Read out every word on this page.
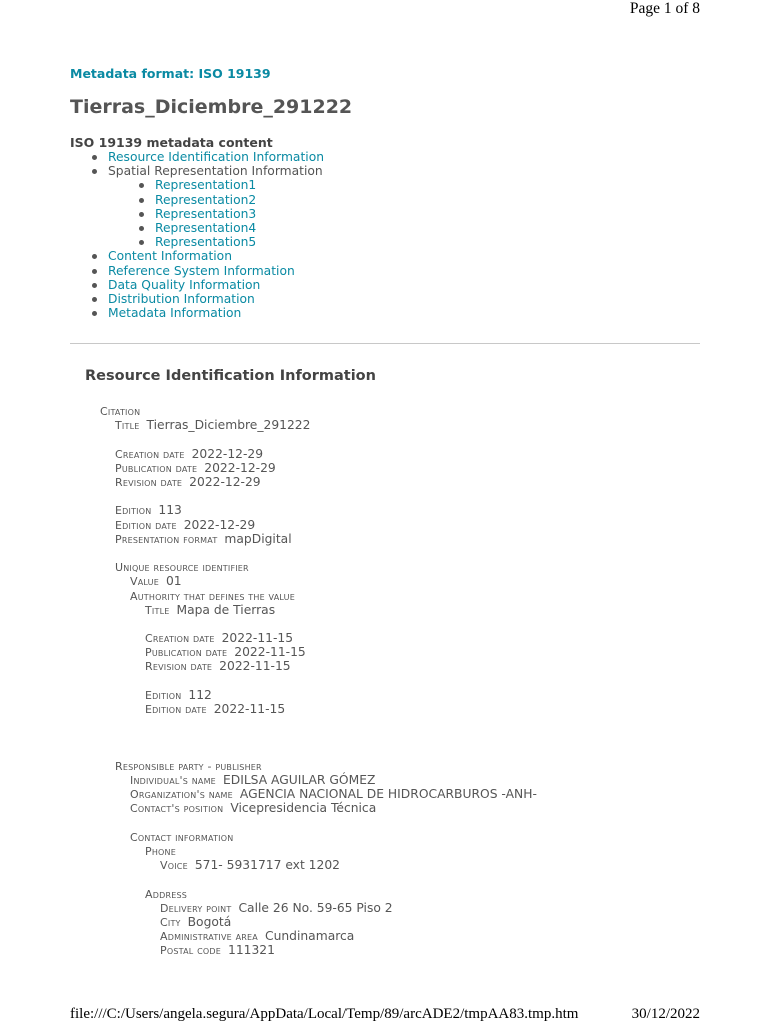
Page 1 of 8
Metadata format: ISO 19139
Tierras_Diciembre_291222
ISO 19139 metadata content
Resource Identification Information
Spatial Representation Information
Representation1
Representation2
Representation3
Representation4
Representation5
Content Information
Reference System Information
Data Quality Information
Distribution Information
Metadata Information
Resource Identification Information
Citation
Title Tierras_Diciembre_291222
Creation date 2022-12-29
Publication date 2022-12-29
Revision date 2022-12-29
Edition 113
Edition date 2022-12-29
Presentation format mapDigital
Unique resource identifier
Value 01
Authority that defines the value
Title Mapa de Tierras
Creation date 2022-11-15
Publication date 2022-11-15
Revision date 2022-11-15
Edition 112
Edition date 2022-11-15
Responsible party - publisher
Individual's name EDILSA AGUILAR GÓMEZ
Organization's name AGENCIA NACIONAL DE HIDROCARBUROS -ANH-
Contact's position Vicepresidencia Técnica
Contact information
Phone
Voice 571- 5931717 ext 1202
Address
Delivery point Calle 26 No. 59-65 Piso 2
City Bogotá
Administrative area Cundinamarca
Postal code 111321
file:///C:/Users/angela.segura/AppData/Local/Temp/89/arcADE2/tmpAA83.tmp.htm	30/12/2022
